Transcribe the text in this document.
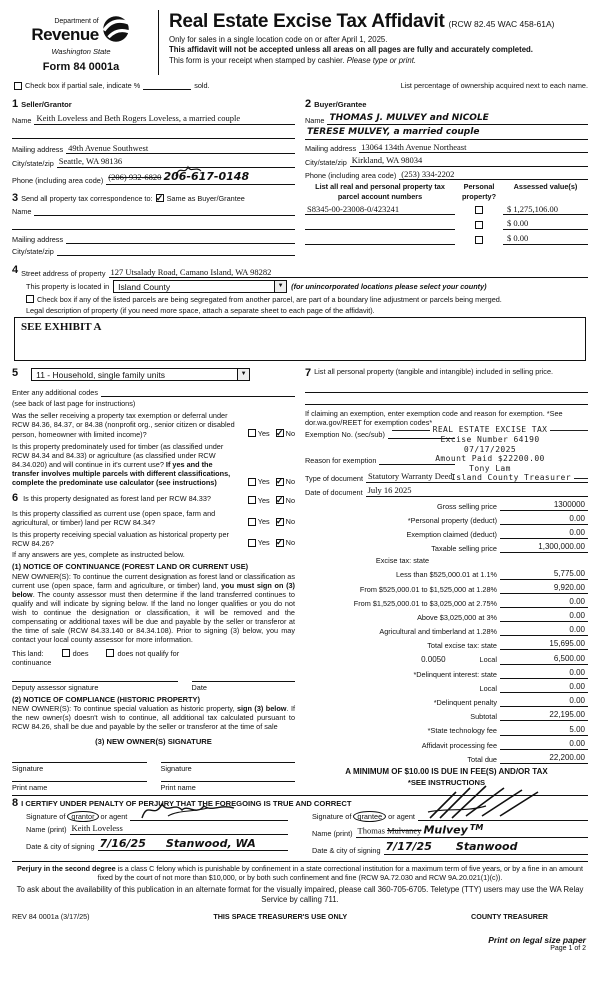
Department of
Revenue
Washington State
Form 84 0001a
Real Estate Excise Tax Affidavit (RCW 82.45 WAC 458-61A)
Only for sales in a single location code on or after April 1, 2025.
This affidavit will not be accepted unless all areas on all pages are fully and accurately completed.
This form is your receipt when stamped by cashier. Please type or print.
Check box if partial sale, indicate %	sold.	List percentage of ownership acquired next to each name.
1 Seller/Grantor
Name Keith Loveless and Beth Rogers Loveless, a married couple
Mailing address 49th Avenue Southwest
City/state/zip Seattle, WA 98136
Phone (including area code) (206) 932-6820 206-617-0148
3 Send all property tax correspondence to: ✓ Same as Buyer/Grantee
Name
Mailing address
City/state/zip
2 Buyer/Grantee
Name THOMAS J. MULVEY and NICOLE
TERESE MULVEY, a married couple
Mailing address 13064 134th Avenue Northeast
City/state/zip Kirkland, WA 98034
Phone (including area code) (253) 334-2202
List all real and personal property tax parcel account numbers
Personal property?
Assessed value(s)
S8345-00-23008-0/423241	$ 1,275,106.00
$ 0.00
$ 0.00
4 Street address of property 127 Utsalady Road, Camano Island, WA 98282
This property is located in	Island County	▼	(for unincorporated locations please select your county)
Check box if any of the listed parcels are being segregated from another parcel, are part of a boundary line adjustment or parcels being merged.
Legal description of property (if you need more space, attach a separate sheet to each page of the affidavit).
SEE EXHIBIT A
5	11 - Household, single family units	▼
Enter any additional codes
(see back of last page for instructions)
Was the seller receiving a property tax exemption or deferral under RCW 84.36, 84.37, or 84.38 (nonprofit org., senior citizen or disabled person, homeowner with limited income)?	Yes ✓ No
Is this property predominately used for timber (as classified under RCW 84.34 and 84.33) or agriculture (as classified under RCW 84.34.020) and will continue in it's current use? If yes and the transfer involves multiple parcels with different classifications, complete the predominate use calculator (see instructions)	Yes ✓ No
6 Is this property designated as forest land per RCW 84.33?	Yes ✓ No
Is this property classified as current use (open space, farm and agricultural, or timber) land per RCW 84.34?	Yes ✓ No
Is this property receiving special valuation as historical property per RCW 84.26?	Yes ✓ No
If any answers are yes, complete as instructed below.
(1) NOTICE OF CONTINUANCE (FOREST LAND OR CURRENT USE)
NEW OWNER(S): To continue the current designation as forest land or classification as current use (open space, farm and agriculture, or timber) land, you must sign on (3) below. The county assessor must then determine if the land transferred continues to qualify and will indicate by signing below. If the land no longer qualifies or you do not wish to continue the designation or classification, it will be removed and the compensating or additional taxes will be due and payable by the seller or transferor at the time of sale (RCW 84.33.140 or 84.34.108). Prior to signing (3) below, you may contact your local county assessor for more information.
This land:	does	does not qualify for
continuance
Deputy assessor signature	Date
(2) NOTICE OF COMPLIANCE (HISTORIC PROPERTY)
NEW OWNER(S): To continue special valuation as historic property, sign (3) below. If the new owner(s) doesn't wish to continue, all additional tax calculated pursuant to RCW 84.26, shall be due and payable by the seller or transferor at the time of sale
(3) NEW OWNER(S) SIGNATURE
Signature	Signature
Print name	Print name
7 List all personal property (tangible and intangible) included in selling price.
If claiming an exemption, enter exemption code and reason for exemption. *See dor.wa.gov/REET for exemption codes*
Exemption No. (sec/sub)
Reason for exemption
REAL ESTATE EXCISE TAX
Excise Number 64190
07/17/2025
Amount Paid $22200.00
Tony Lam
Island County Treasurer
Type of document Statutory Warranty Deed
Date of document July 16 2025
Gross selling price	1300000
*Personal property (deduct)	0.00
Exemption claimed (deduct)	0.00
Taxable selling price	1,300,000.00
Excise tax: state
Less than $525,000.01 at 1.1%	5,775.00
From $525,000.01 to $1,525,000 at 1.28%	9,920.00
From $1,525,000.01 to $3,025,000 at 2.75%	0.00
Above $3,025,000 at 3%	0.00
Agricultural and timberland at 1.28%	0.00
Total excise tax: state	15,695.00
0.0050	Local	6,500.00
*Delinquent interest: state	0.00
Local	0.00
*Delinquent penalty	0.00
Subtotal	22,195.00
*State technology fee	5.00
Affidavit processing fee	0.00
Total due	22,200.00
A MINIMUM OF $10.00 IS DUE IN FEE(S) AND/OR TAX
*SEE INSTRUCTIONS
8 I CERTIFY UNDER PENALTY OF PERJURY THAT THE FOREGOING IS TRUE AND CORRECT
Signature of grantor or agent
Name (print) Keith Loveless
Date & city of signing 7/16/25 Stanwood, WA
Signature of grantee or agent
Name (print) Thomas Mulvaney Mulvey TM
Date & city of signing 7/17/25 Stanwood
Perjury in the second degree is a class C felony which is punishable by confinement in a state correctional institution for a maximum term of five years, or by a fine in an amount fixed by the court of not more than $10,000, or by both such confinement and fine (RCW 9A.72.030 and RCW 9A.20.021(1)(c)).
To ask about the availability of this publication in an alternate format for the visually impaired, please call 360-705-6705. Teletype (TTY) users may use the WA Relay Service by calling 711.
REV 84 0001a (3/17/25)	THIS SPACE TREASURER'S USE ONLY	COUNTY TREASURER
Print on legal size paper
Page 1 of 2
